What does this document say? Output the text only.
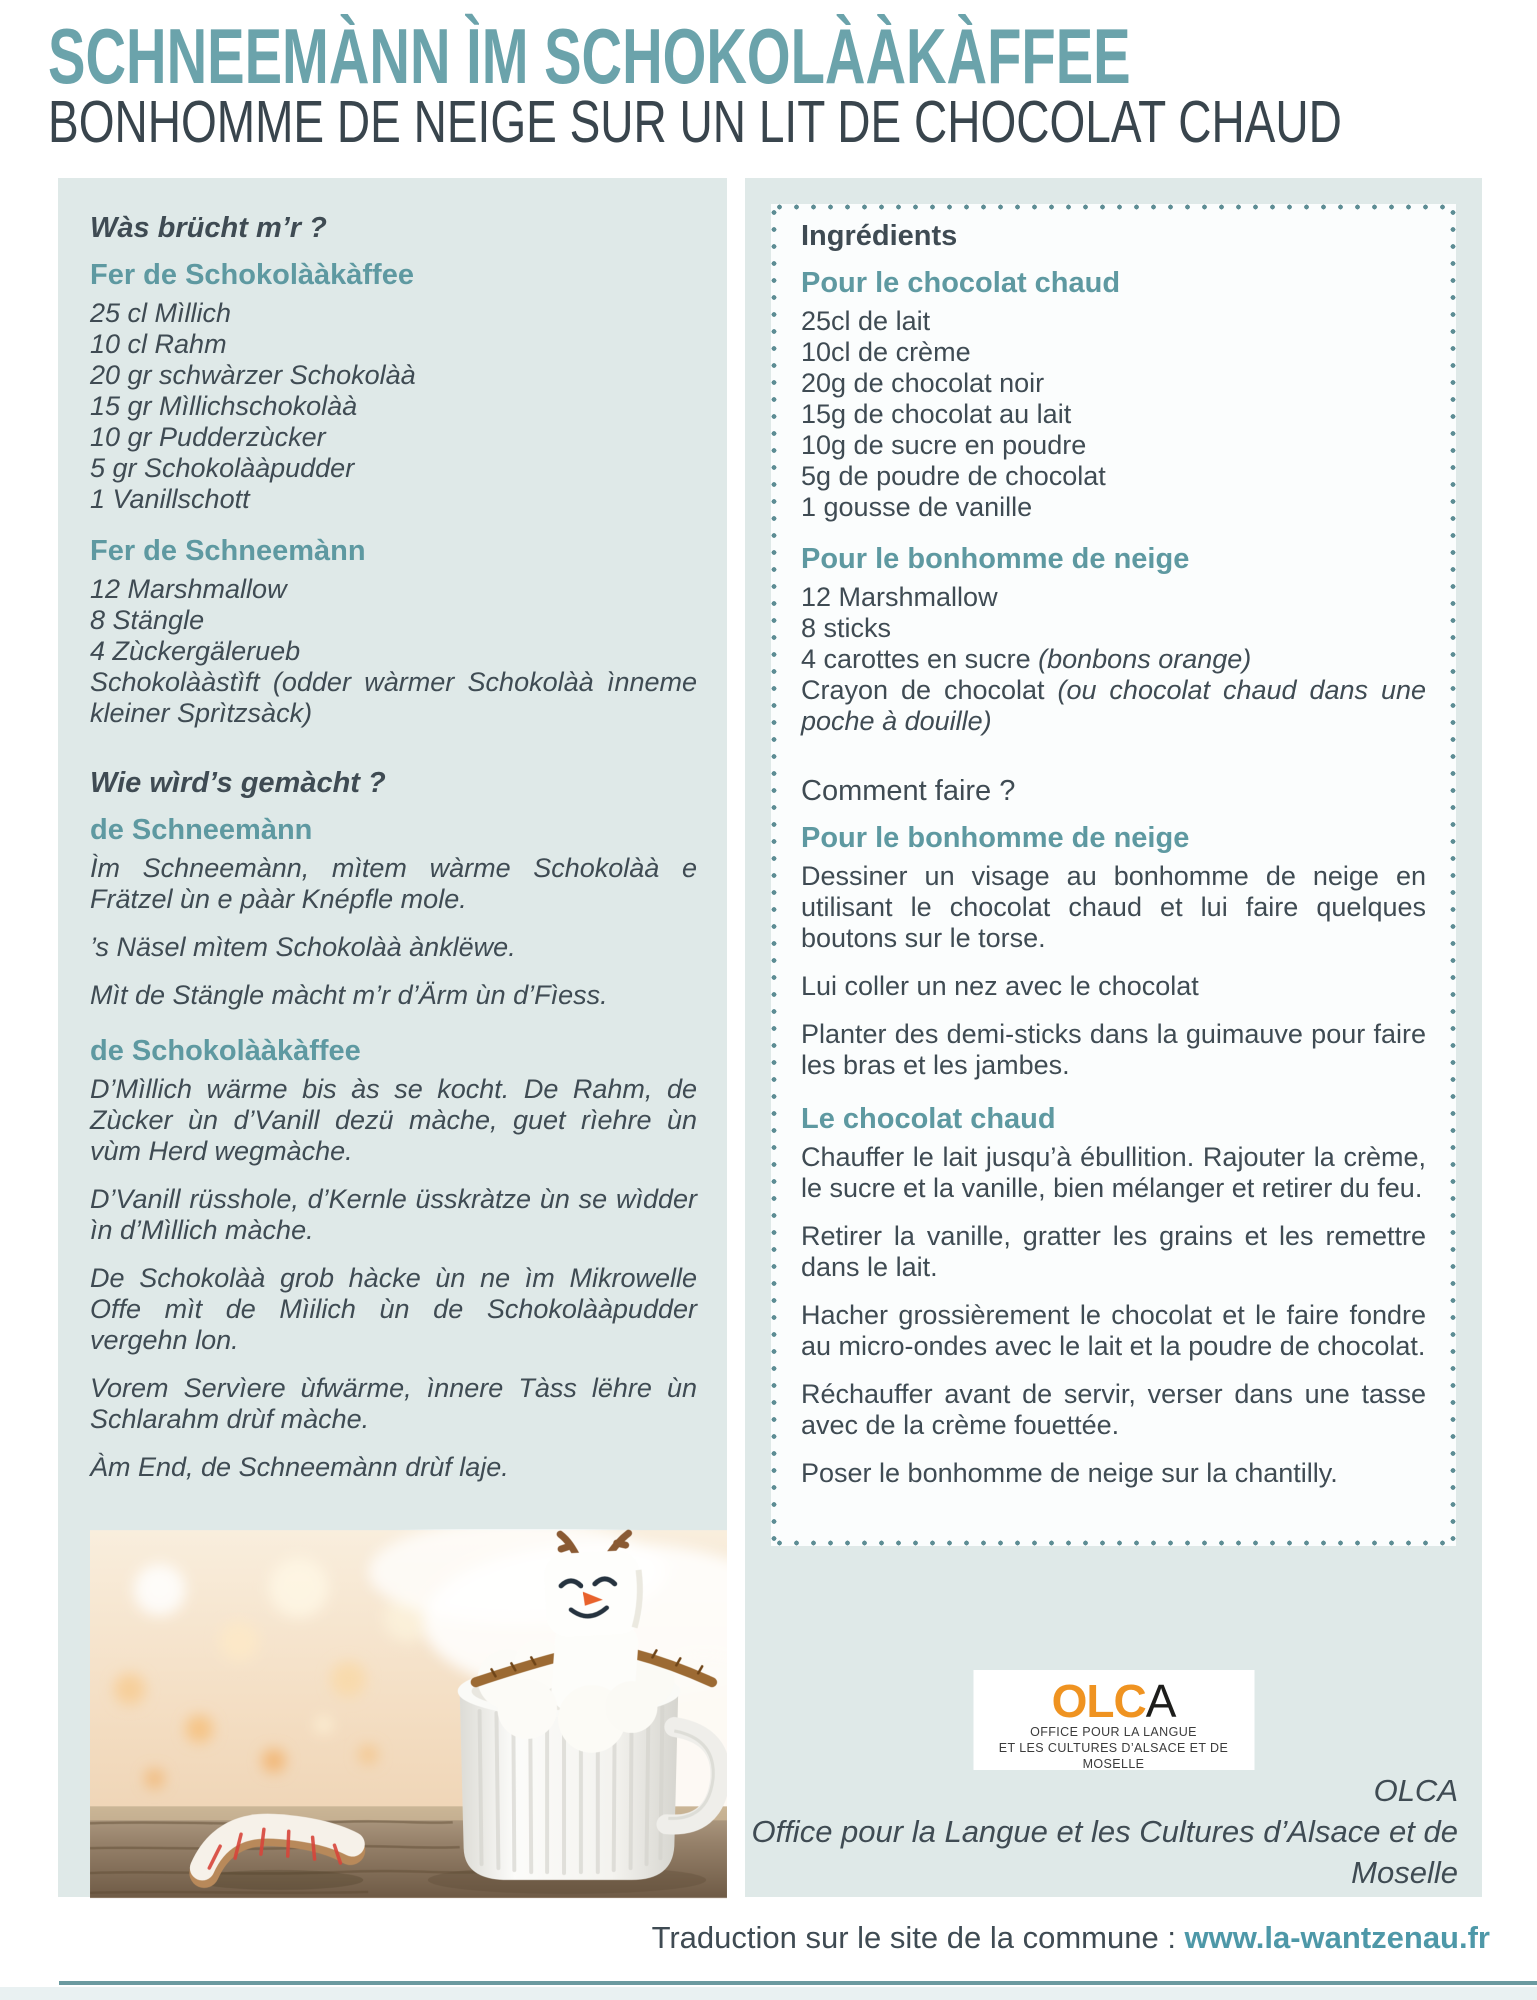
SCHNEEMÀNN ÌM SCHOKOLÀÀKÀFFEE
BONHOMME DE NEIGE SUR UN LIT DE CHOCOLAT CHAUD
Wàs brücht m’r ?
Fer de Schokolààkàffee
25 cl Mìllich
10 cl Rahm
20 gr schwàrzer Schokolàà
15 gr Mìllichschokolàà
10 gr Pudderzùcker
5 gr Schokolààpudder
1 Vanillschott
Fer de Schneemànn
12 Marshmallow
8 Stängle
4 Zùckergälerueb
Schokolààstìft (odder wàrmer Schokolàà ìnneme kleiner Sprìtzsàck)
Wie wìrd’s gemàcht ?
de Schneemànn

Ìm Schneemànn, mìtem wàrme Schokolàà e Frätzel ùn e pààr Knépfle mole.

’s Näsel mìtem Schokolàà ànklëwe.

Mìt de Stängle màcht m’r d’Ärm ùn d’Fìess.

de Schokolààkàffee

D’Mìllich wärme bis às se kocht. De Rahm, de Zùcker ùn d’Vanill dezü màche, guet rìehre ùn vùm Herd wegmàche.

D’Vanill rüsshole, d’Kernle üsskràtze ùn se wìdder ìn d’Mìllich màche.

De Schokolàà grob hàcke ùn ne ìm Mikrowelle Offe mìt de Mìilich ùn de Schokolààpudder vergehn lon.

Vorem Servìere ùfwärme, ìnnere Tàss lëhre ùn Schlarahm drùf màche.

Àm End, de Schneemànn drùf laje.

Ingrédients
Pour le chocolat chaud
25cl de lait
10cl de crème
20g de chocolat noir
15g de chocolat au lait
10g de sucre en poudre
5g de poudre de chocolat
1 gousse de vanille
Pour le bonhomme de neige
12 Marshmallow
8 sticks
4 carottes en sucre (bonbons orange)
Crayon de chocolat (ou chocolat chaud dans une poche à douille)
Comment faire ?
Pour le bonhomme de neige

Dessiner un visage au bonhomme de neige en utilisant le chocolat chaud et lui faire quelques boutons sur le torse.

Lui coller un nez avec le chocolat

Planter des demi-sticks dans la guimauve pour faire les bras et les jambes.

Le chocolat chaud

Chauffer le lait jusqu’à ébullition. Rajouter la crème, le sucre et la vanille, bien mélanger et retirer du feu.

Retirer la vanille, gratter les grains et les remettre dans le lait.

Hacher grossièrement le chocolat et le faire fondre au micro-ondes avec le lait et la poudre de chocolat.

Réchauffer avant de servir, verser dans une tasse avec de la crème fouettée.

Poser le bonhomme de neige sur la chantilly.

OLCA
OFFICE POUR LA LANGUE
ET LES CULTURES D’ALSACE ET DE MOSELLE
OLCA
Office pour la Langue et les Cultures d’Alsace et de Moselle
Traduction sur le site de la commune : www.la-wantzenau.fr
